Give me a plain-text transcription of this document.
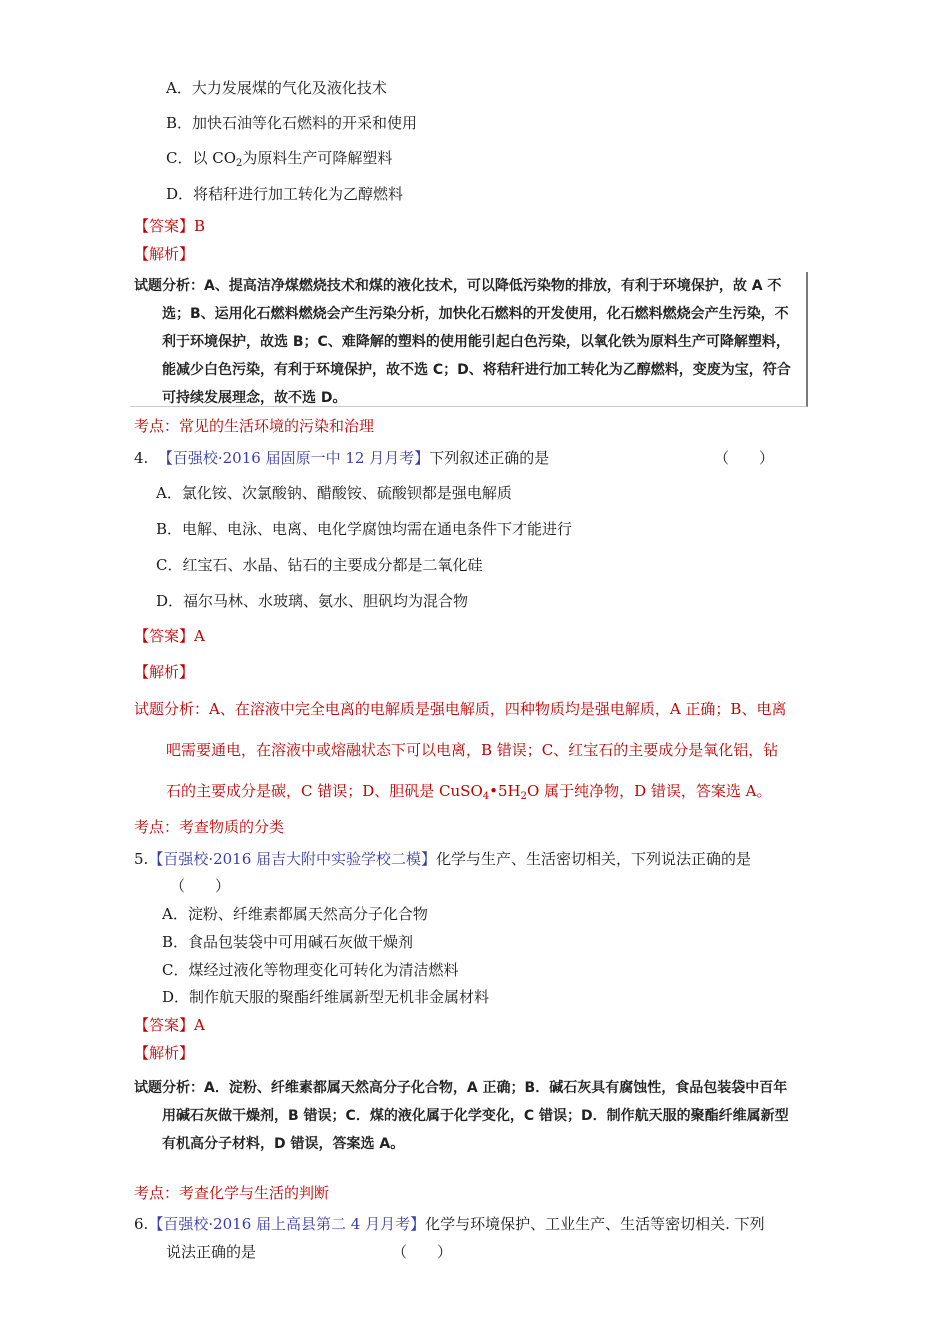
A．大力发展煤的气化及液化技术
B．加快石油等化石燃料的开采和使用
C．以 $CO_2$为原料生产可降解塑料
D．将秸秆进行加工转化为乙醇燃料
【答案】B
【解析】
试题分析：A、提高洁净煤燃烧技术和煤的液化技术，可以降低污染物的排放，有利于环境保护，故 A 不
选；B、运用化石燃料燃烧会产生污染分析，加快化石燃料的开发使用，化石燃料燃烧会产生污染，不
利于环境保护，故选 B；C、难降解的塑料的使用能引起白色污染，以氧化铁为原料生产可降解塑料，
能减少白色污染，有利于环境保护，故不选 C；D、将秸秆进行加工转化为乙醇燃料，变废为宝，符合
可持续发展理念，故不选 D。
考点：常见的生活环境的污染和治理
4. 【百强校·2016 届固原一中 12 月月考】下列叙述正确的是	（　　）
A．氯化铵、次氯酸钠、醋酸铵、硫酸钡都是强电解质
B．电解、电泳、电离、电化学腐蚀均需在通电条件下才能进行
C．红宝石、水晶、钻石的主要成分都是二氧化硅
D．福尔马林、水玻璃、氨水、胆矾均为混合物
【答案】A
【解析】
试题分析：A、在溶液中完全电离的电解质是强电解质，四种物质均是强电解质，A 正确；B、电离
吧需要通电，在溶液中或熔融状态下可以电离，B 错误；C、红宝石的主要成分是氧化铝，钻
石的主要成分是碳，C 错误；D、胆矾是 $CuSO_4•5H_2O$ 属于纯净物，D 错误，答案选 A。
考点：考查物质的分类
5.【百强校·2016 届吉大附中实验学校二模】化学与生产、生活密切相关，下列说法正确的是
（　　）
A．淀粉、纤维素都属天然高分子化合物
B．食品包装袋中可用碱石灰做干燥剂
C．煤经过液化等物理变化可转化为清洁燃料
D．制作航天服的聚酯纤维属新型无机非金属材料
【答案】A
【解析】
试题分析：A．淀粉、纤维素都属天然高分子化合物，A 正确；B．碱石灰具有腐蚀性，食品包装袋中百年
用碱石灰做干燥剂，B 错误；C．煤的液化属于化学变化，C 错误；D．制作航天服的聚酯纤维属新型
有机高分子材料，D 错误，答案选 A。
考点：考查化学与生活的判断
6.【百强校·2016 届上高县第二 4 月月考】化学与环境保护、工业生产、生活等密切相关. 下列
说法正确的是	（　　）
